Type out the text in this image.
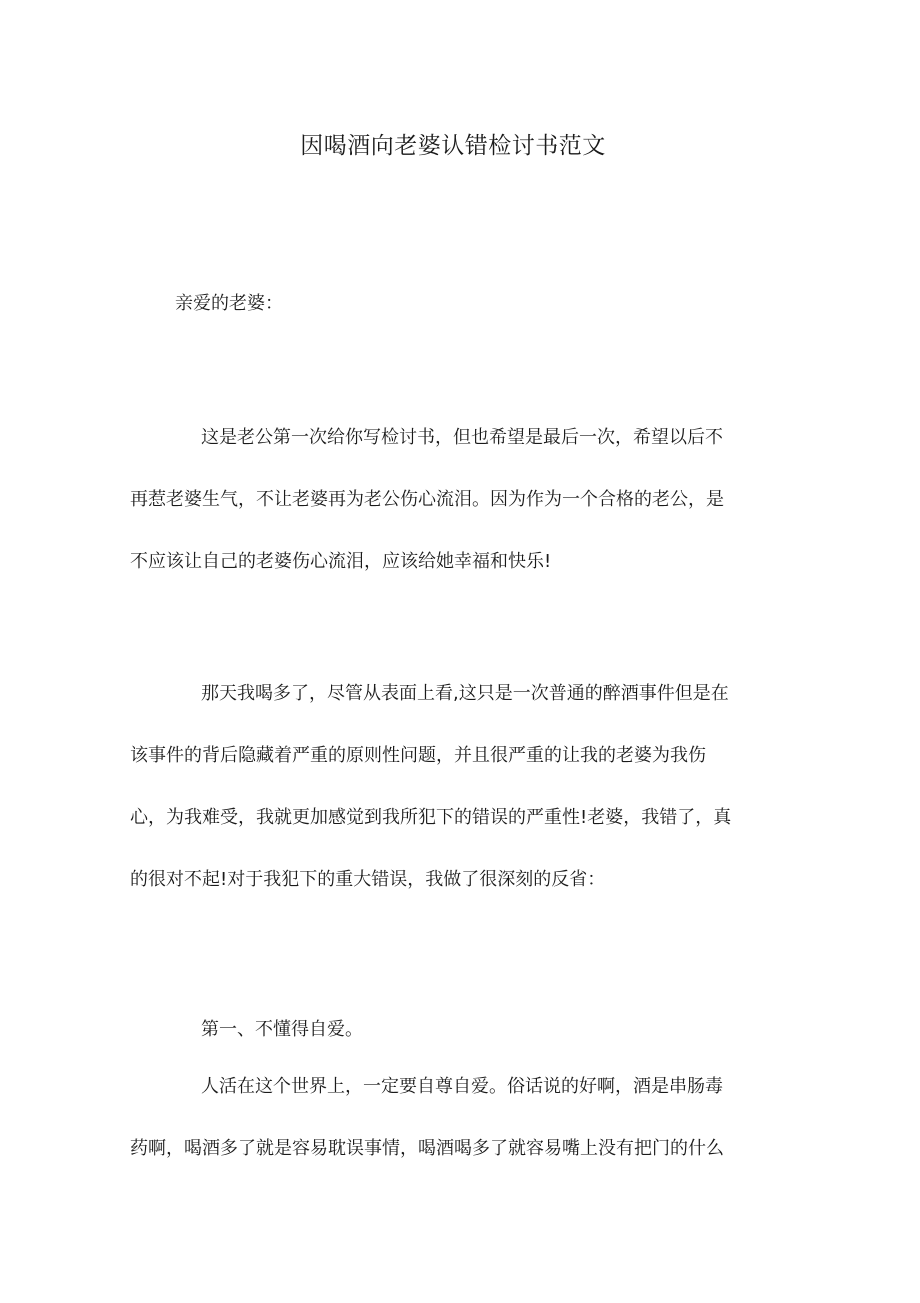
因喝酒向老婆认错检讨书范文
亲爱的老婆：
这是老公第一次给你写检讨书，但也希望是最后一次，希望以后不
再惹老婆生气，不让老婆再为老公伤心流泪。因为作为一个合格的老公，是
不应该让自己的老婆伤心流泪，应该给她幸福和快乐!
那天我喝多了，尽管从表面上看,这只是一次普通的醉酒事件但是在
该事件的背后隐藏着严重的原则性问题，并且很严重的让我的老婆为我伤
心，为我难受，我就更加感觉到我所犯下的错误的严重性!老婆，我错了，真
的很对不起!对于我犯下的重大错误，我做了很深刻的反省：
第一、不懂得自爱。
人活在这个世界上，一定要自尊自爱。俗话说的好啊，酒是串肠毒
药啊，喝酒多了就是容易耽误事情，喝酒喝多了就容易嘴上没有把门的什么
